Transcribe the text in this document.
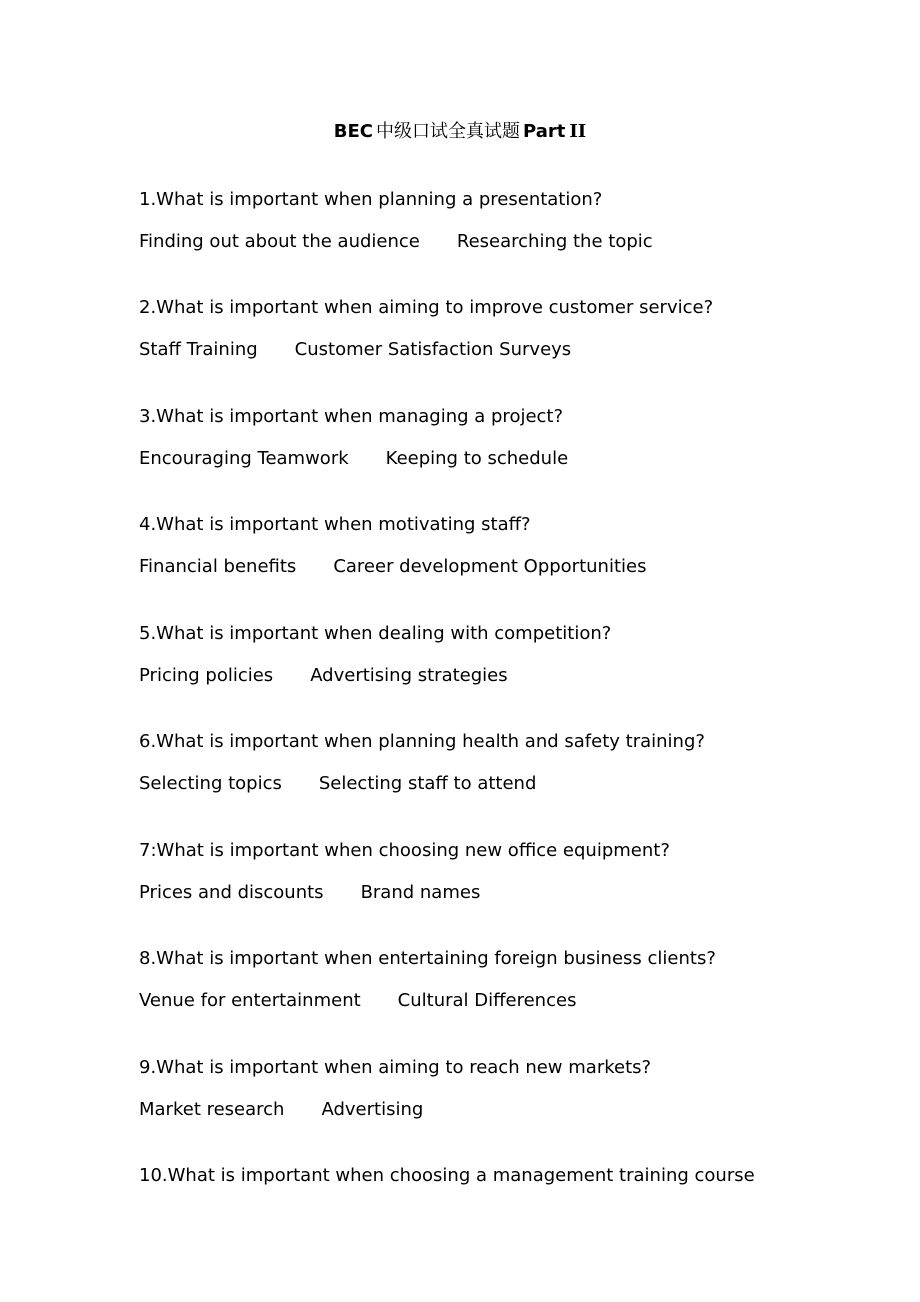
BEC 中级口试全真试题 Part II
1.What is important when planning a presentation?
Finding out about the audience Researching the topic
2.What is important when aiming to improve customer service?
Staff Training Customer Satisfaction Surveys
3.What is important when managing a project?
Encouraging Teamwork Keeping to schedule
4.What is important when motivating staff?
Financial benefits Career development Opportunities
5.What is important when dealing with competition?
Pricing policies Advertising strategies
6.What is important when planning health and safety training?
Selecting topics Selecting staff to attend
7:What is important when choosing new office equipment?
Prices and discounts Brand names
8.What is important when entertaining foreign business clients?
Venue for entertainment Cultural Differences
9.What is important when aiming to reach new markets?
Market research Advertising
10.What is important when choosing a management training course
